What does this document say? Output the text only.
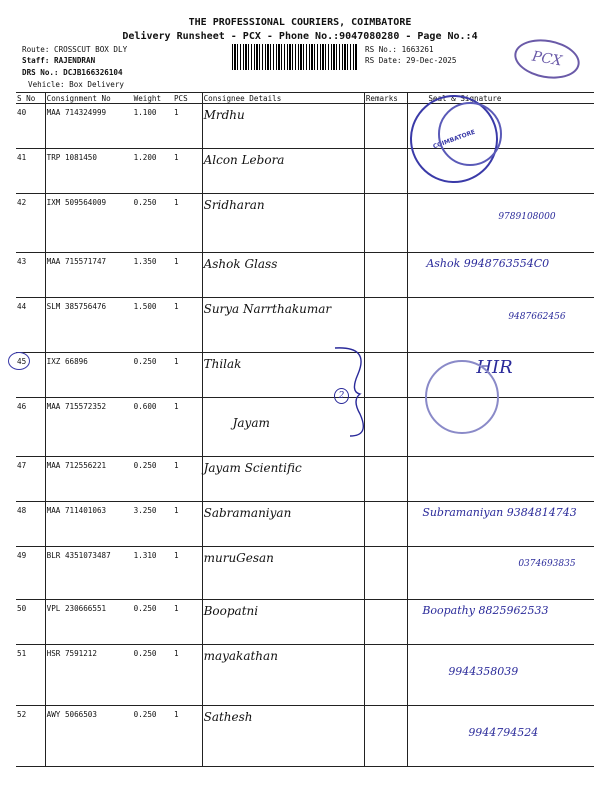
THE PROFESSIONAL COURIERS, COIMBATORE
Delivery Runsheet - PCX - Phone No.:9047080280 - Page No.:4
Route: CROSSCUT BOX DLY
Staff: RAJENDRAN
DRS No.: DCJB166326104
Vehicle: Box Delivery
RS No.: 1663261
RS Date: 29-Dec-2025	PCX
S No	Consignment No	Weight	PCS	Consignee Details	Remarks	Seal & Signature
40	MAA 714324999	1.100	1	Mrdhu		
41	TRP 1081450	1.200	1	Alcon Lebora		
42	IXM 509564009	0.250	1	Sridharan		9789108000
43	MAA 715571747	1.350	1	Ashok Glass		Ashok 9948763554C0
44	SLM 385756476	1.500	1	Surya Narrthakumar		9487662456
45	IXZ 66896	0.250	1	Thilak		HIR
46	MAA 715572352	0.600	1	Jayam		
47	MAA 712556221	0.250	1	Jayam Scientific		
48	MAA 711401063	3.250	1	Sabramaniyan		Subramaniyan 9384814743
49	BLR 4351073487	1.310	1	muruGesan		0374693835
50	VPL 230666551	0.250	1	Boopatni		Boopathy 8825962533
51	HSR 7591212	0.250	1	mayakathan		9944358039
52	AWY 5066503	0.250	1	Sathesh		9944794524
COIMBATORE
2
